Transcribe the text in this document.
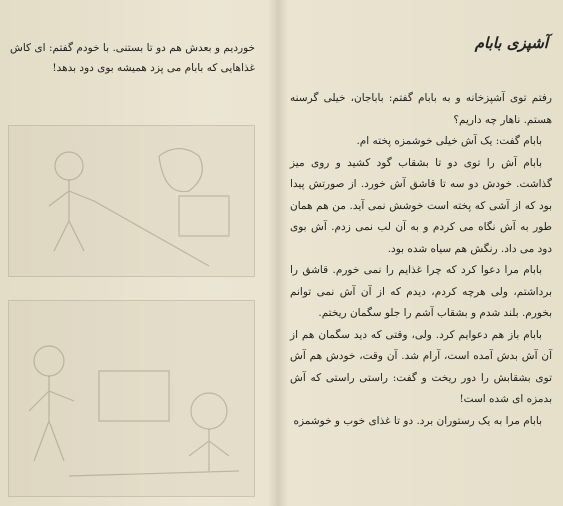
خوردیم و بعدش هم دو تا بستنی. با خودم گفتم: ای کاش غذاهایی که بابام می پزد همیشه بوی دود بدهد!
آشپزی بابام

رفتم توی آشپزخانه و به بابام گفتم: باباجان، خیلی گرسنه هستم. ناهار چه داریم؟

بابام گفت: یک آش خیلی خوشمزه پخته ام.

بابام آش را توی دو تا بشقاب گود کشید و روی میز گذاشت. خودش دو سه تا قاشق آش خورد. از صورتش پیدا بود که از آشی که پخته است خوشش نمی آید. من هم همان طور به آش نگاه می کردم و به آن لب نمی زدم. آش بوی دود می داد. رنگش هم سیاه شده بود.

بابام مرا دعوا کرد که چرا غذایم را نمی خورم. قاشق را برداشتم، ولی هرچه کردم، دیدم که از آن آش نمی توانم بخورم. بلند شدم و بشقاب آشم را جلو سگمان ریختم.

بابام باز هم دعوایم کرد. ولی، وقتی که دید سگمان هم از آن آش بدش آمده است، آرام شد. آن وقت، خودش هم آش توی بشقابش را دور ریخت و گفت: راستی راستی که آش بدمزه ای شده است!

بابام مرا به یک رستوران برد. دو تا غذای خوب و خوشمزه
